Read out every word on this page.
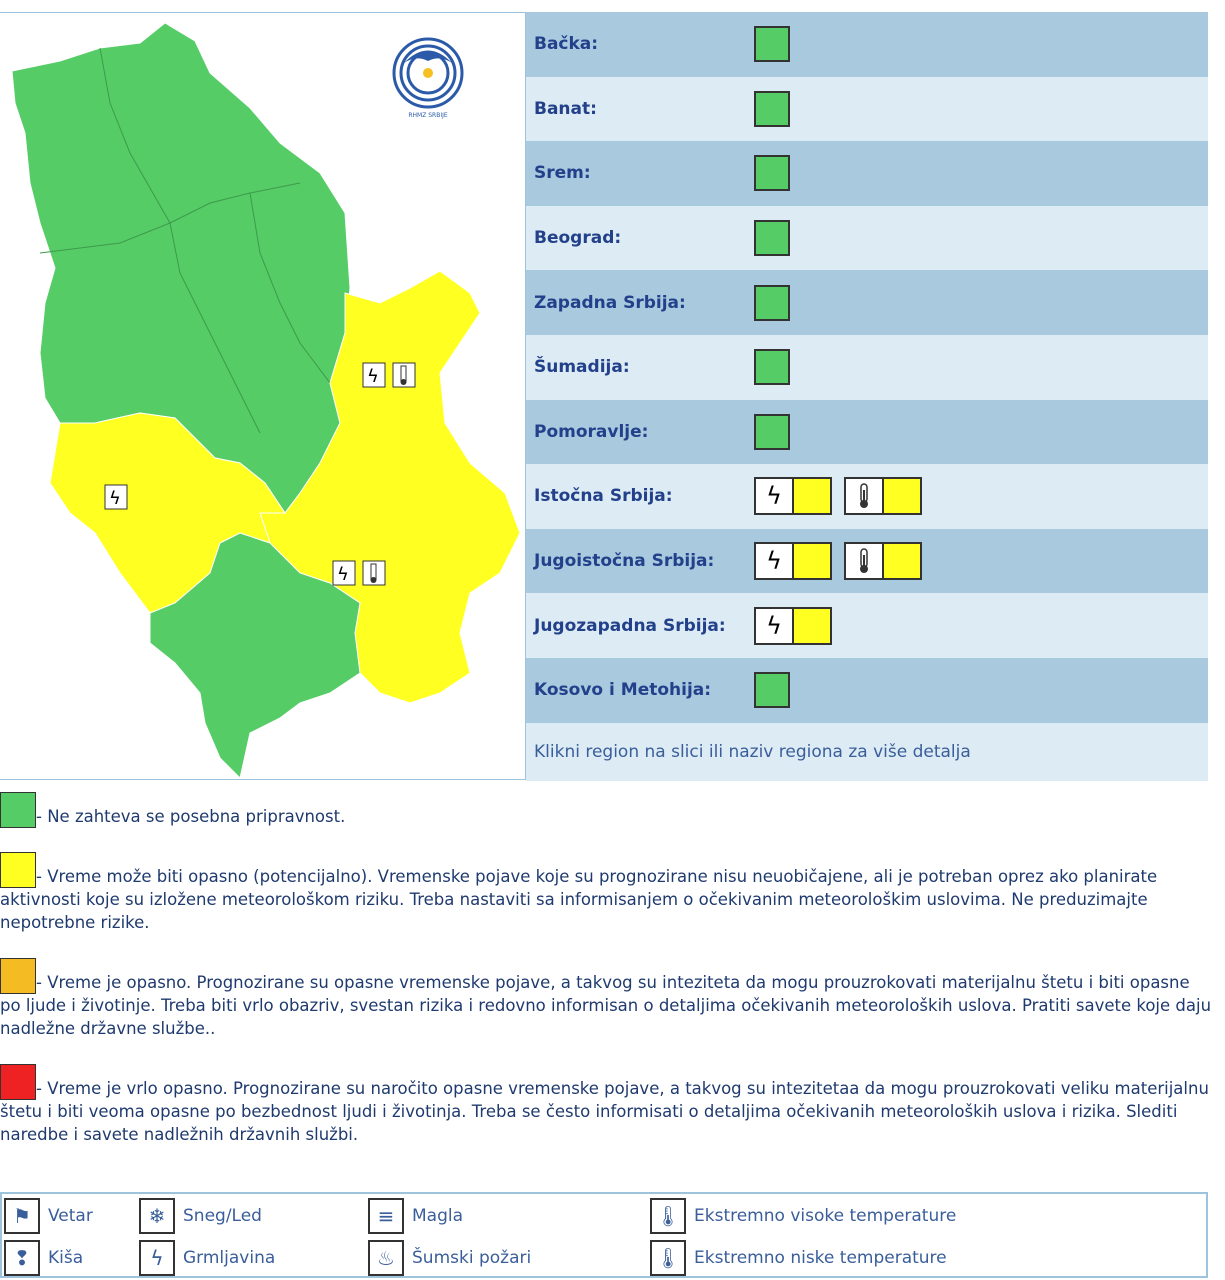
ϟ
ϟ
ϟ
RHMZ SRBIJE
Bačka:
Banat:
Srem:
Beograd:
Zapadna Srbija:
Šumadija:
Pomoravlje:
Istočna Srbija:	ϟ
Jugoistočna Srbija: ϟ
Jugozapadna Srbija: ϟ
Kosovo i Metohija:
Klikni region na slici ili naziv regiona za više detalja
- Ne zahteva se posebna pripravnost.
- Vreme može biti opasno (potencijalno). Vremenske pojave koje su prognozirane nisu neuobičajene, ali je potreban oprez ako planirate aktivnosti koje su izložene meteorološkom riziku. Treba nastaviti sa informisanjem o očekivanim meteorološkim uslovima. Ne preduzimajte nepotrebne rizike.
- Vreme je opasno. Prognozirane su opasne vremenske pojave, a takvog su inteziteta da mogu prouzrokovati materijalnu štetu i biti opasne po ljude i životinje. Treba biti vrlo obazriv, svestan rizika i redovno informisan o detaljima očekivanih meteoroloških uslova. Pratiti savete koje daju nadležne državne službe..
- Vreme je vrlo opasno. Prognozirane su naročito opasne vremenske pojave, a takvog su intezitetaa da mogu prouzrokovati veliku materijalnu štetu i biti veoma opasne po bezbednost ljudi i životinja. Treba se često informisati o detaljima očekivanih meteoroloških uslova i rizika. Slediti naredbe i savete nadležnih državnih službi.
⚑	Vetar	❄	Sneg/Led	≡	Magla	🌡 Ekstremno visoke temperature
❢	Kiša	ϟ	Grmljavina	♨	Šumski požari	🌡 Ekstremno niske temperature
